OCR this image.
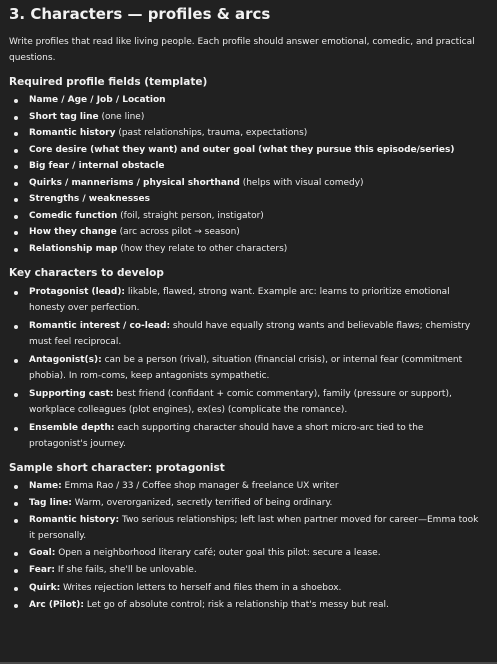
3. Characters — profiles & arcs

Write profiles that read like living people. Each profile should answer emotional, comedic, and practical questions.

Required profile fields (template)
Name / Age / Job / Location
Short tag line (one line)
Romantic history (past relationships, trauma, expectations)
Core desire (what they want) and outer goal (what they pursue this episode/series)
Big fear / internal obstacle
Quirks / mannerisms / physical shorthand (helps with visual comedy)
Strengths / weaknesses
Comedic function (foil, straight person, instigator)
How they change (arc across pilot → season)
Relationship map (how they relate to other characters)
Key characters to develop
Protagonist (lead): likable, flawed, strong want. Example arc: learns to prioritize emotional honesty over perfection.
Romantic interest / co-lead: should have equally strong wants and believable flaws; chemistry must feel reciprocal.
Antagonist(s): can be a person (rival), situation (financial crisis), or internal fear (commitment phobia). In rom-coms, keep antagonists sympathetic.
Supporting cast: best friend (confidant + comic commentary), family (pressure or support), workplace colleagues (plot engines), ex(es) (complicate the romance).
Ensemble depth: each supporting character should have a short micro-arc tied to the protagonist's journey.
Sample short character: protagonist
Name: Emma Rao / 33 / Coffee shop manager & freelance UX writer
Tag line: Warm, overorganized, secretly terrified of being ordinary.
Romantic history: Two serious relationships; left last when partner moved for career—Emma took it personally.
Goal: Open a neighborhood literary café; outer goal this pilot: secure a lease.
Fear: If she fails, she'll be unlovable.
Quirk: Writes rejection letters to herself and files them in a shoebox.
Arc (Pilot): Let go of absolute control; risk a relationship that's messy but real.
